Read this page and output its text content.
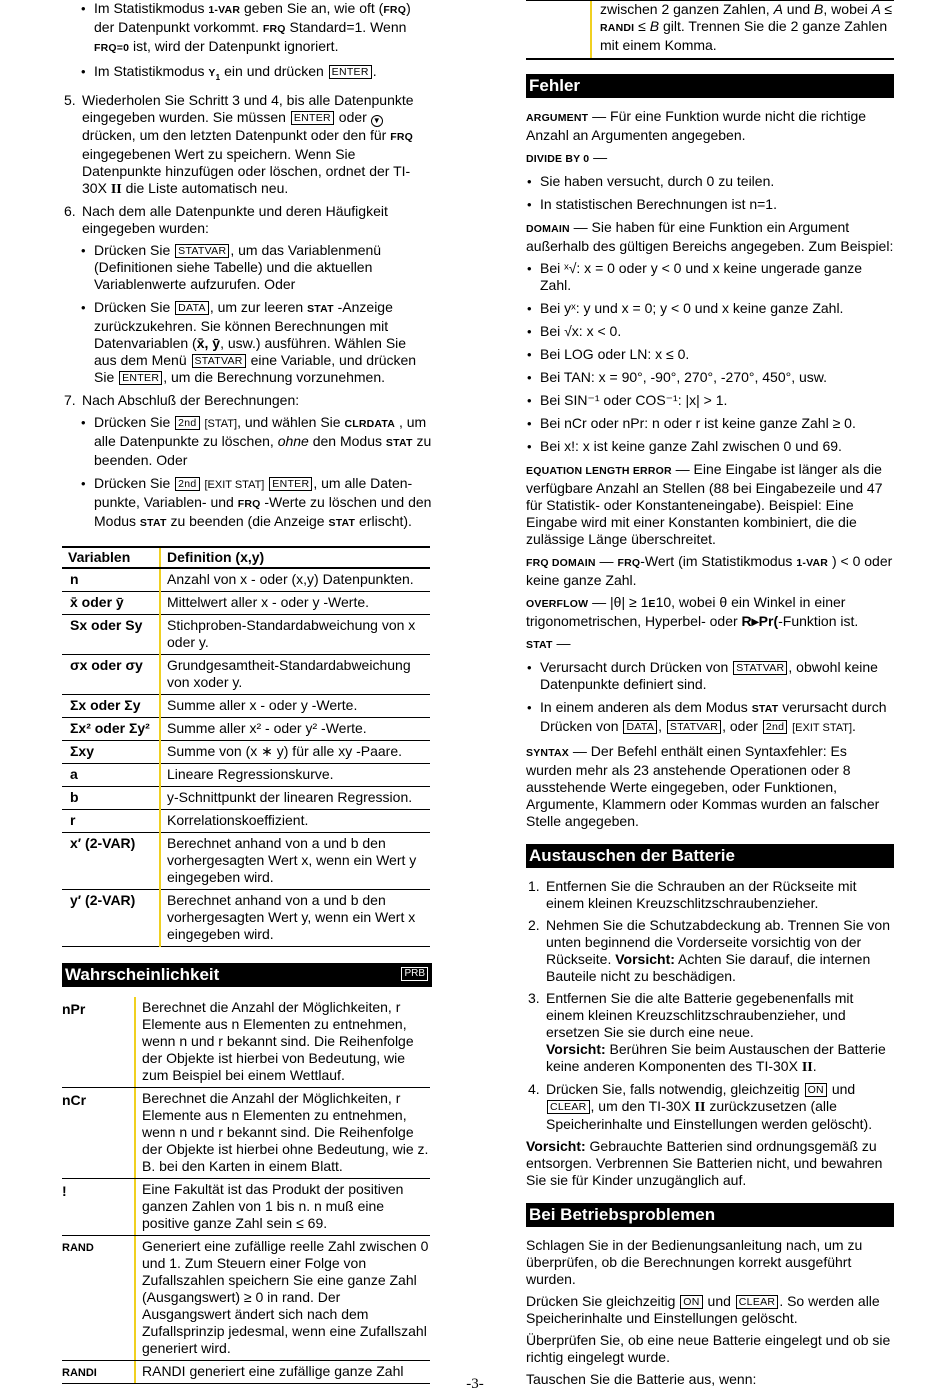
• Im Statistikmodus 1-VAR geben Sie an, wie oft (FRQ) der Datenpunkt vorkommt. FRQ Standard=1. Wenn FRQ=0 ist, wird der Datenpunkt ignoriert.
• Im Statistikmodus $Y_1$ ein und drücken ENTER .
5. Wiederholen Sie Schritt 3 und 4, bis alle Datenpunkte eingegeben wurden. Sie müssen ENTER oder ▼ drücken, um den letzten Datenpunkt oder den für FRQ eingegebenen Wert zu speichern. Wenn Sie Datenpunkte hinzufügen oder löschen, ordnet der TI-30X II die Liste automatisch neu.
6. Nach dem alle Datenpunkte und deren Häufigkeit eingegeben wurden:
• Drücken Sie STATVAR , um das Variablenmenü (Definitionen siehe Tabelle) und die aktuellen Variablenwerte aufzurufen. Oder
• Drücken Sie DATA , um zur leeren STAT -Anzeige zurückzukehren. Sie können Berechnungen mit Datenvariablen (x̄, ȳ, usw.) ausführen. Wählen Sie aus dem Menü STATVAR eine Variable, und drücken Sie ENTER , um die Berechnung vorzunehmen.
7. Nach Abschluß der Berechnungen:
• Drücken Sie 2nd [STAT], und wählen Sie CLRDATA , um alle Datenpunkte zu löschen, ohne den Modus STAT zu beenden. Oder
• Drücken Sie 2nd [EXIT STAT] ENTER , um alle Daten-punkte, Variablen- und FRQ -Werte zu löschen und den Modus STAT zu beenden (die Anzeige STAT erlischt).
Variablen	Definition (x,y)
n	Anzahl von x - oder (x,y) Datenpunkten.
x̄ oder ȳ	Mittelwert aller x - oder y -Werte.
Sx oder Sy	Stichproben-Standardabweichung von x oder y.
σx oder σy	Grundgesamtheit-Standardabweichung von xoder y.
Σx oder Σy	Summe aller x - oder y -Werte.
Σx² oder Σy²	Summe aller x² - oder y² -Werte.
Σxy	Summe von (x ∗ y) für alle xy -Paare.
a	Lineare Regressionskurve.
b	y-Schnittpunkt der linearen Regression.
r	Korrelationskoeffizient.
x′ (2-VAR)	Berechnet anhand von a und b den vorhergesagten Wert x, wenn ein Wert y eingegeben wird.
y′ (2-VAR)	Berechnet anhand von a und b den vorhergesagten Wert y, wenn ein Wert x eingegeben wird.
Wahrscheinlichkeit	PRB
nPr	Berechnet die Anzahl der Möglichkeiten, r Elemente aus n Elementen zu entnehmen, wenn n und r bekannt sind. Die Reihenfolge der Objekte ist hierbei von Bedeutung, wie zum Beispiel bei einem Wettlauf.
nCr	Berechnet die Anzahl der Möglichkeiten, r Elemente aus n Elementen zu entnehmen, wenn n und r bekannt sind. Die Reihenfolge der Objekte ist hierbei ohne Bedeutung, wie z. B. bei den Karten in einem Blatt.
!	Eine Fakultät ist das Produkt der positiven ganzen Zahlen von 1 bis n. n muß eine positive ganze Zahl sein ≤ 69.
RAND	Generiert eine zufällige reelle Zahl zwischen 0 und 1. Zum Steuern einer Folge von Zufallszahlen speichern Sie eine ganze Zahl (Ausgangswert) ≥ 0 in rand. Der Ausgangswert ändert sich nach dem Zufallsprinzip jedesmal, wenn eine Zufallszahl generiert wird.
RANDI	RANDI generiert eine zufällige ganze Zahl
zwischen 2 ganzen Zahlen, A und B, wobei A ≤ RANDI ≤ B gilt. Trennen Sie die 2 ganze Zahlen mit einem Komma.
Fehler

ARGUMENT — Für eine Funktion wurde nicht die richtige Anzahl an Argumenten angegeben.

DIVIDE BY 0 —

• Sie haben versucht, durch 0 zu teilen.
• In statistischen Berechnungen ist n=1.

DOMAIN — Sie haben für eine Funktion ein Argument außerhalb des gültigen Bereichs angegeben. Zum Beispiel:

• Bei ˣ√: x = 0 oder y < 0 und x keine ungerade ganze Zahl.
• Bei yˣ: y und x = 0; y < 0 und x keine ganze Zahl.
• Bei √x: x < 0.
• Bei LOG oder LN: x ≤ 0.
• Bei TAN: x = 90°, -90°, 270°, -270°, 450°, usw.
• Bei SIN⁻¹ oder COS⁻¹: |x| > 1.
• Bei nCr oder nPr: n oder r ist keine ganze Zahl ≥ 0.
• Bei x!: x ist keine ganze Zahl zwischen 0 und 69.

EQUATION LENGTH ERROR — Eine Eingabe ist länger als die verfügbare Anzahl an Stellen (88 bei Eingabezeile und 47 für Statistik- oder Konstanteneingabe). Beispiel: Eine Eingabe wird mit einer Konstanten kombiniert, die die zulässige Länge überschreitet.

FRQ DOMAIN — FRQ-Wert (im Statistikmodus 1-VAR ) < 0 oder keine ganze Zahl.

OVERFLOW — |θ| ≥ 1E10, wobei θ ein Winkel in einer trigonometrischen, Hyperbel- oder R▸Pr(-Funktion ist.

STAT —

• Verursacht durch Drücken von STATVAR , obwohl keine Datenpunkte definiert sind.
• In einem anderen als dem Modus STAT verursacht durch Drücken von DATA , STATVAR , oder 2nd [EXIT STAT].

SYNTAX — Der Befehl enthält einen Syntaxfehler: Es wurden mehr als 23 anstehende Operationen oder 8 ausstehende Werte eingegeben, oder Funktionen, Argumente, Klammern oder Kommas wurden an falscher Stelle angegeben.

Austauschen der Batterie
1. Entfernen Sie die Schrauben an der Rückseite mit einem kleinen Kreuzschlitzschraubenzieher.
2. Nehmen Sie die Schutzabdeckung ab. Trennen Sie von unten beginnend die Vorderseite vorsichtig von der Rückseite. Vorsicht: Achten Sie darauf, die internen Bauteile nicht zu beschädigen.
3. Entfernen Sie die alte Batterie gegebenenfalls mit einem kleinen Kreuzschlitzschraubenzieher, und ersetzen Sie sie durch eine neue.
Vorsicht: Berühren Sie beim Austauschen der Batterie keine anderen Komponenten des TI-30X II.
4. Drücken Sie, falls notwendig, gleichzeitig ON und CLEAR , um den TI-30X II zurückzusetzen (alle Speicherinhalte und Einstellungen werden gelöscht).

Vorsicht: Gebrauchte Batterien sind ordnungsgemäß zu entsorgen. Verbrennen Sie Batterien nicht, und bewahren Sie sie für Kinder unzugänglich auf.

Bei Betriebsproblemen

Schlagen Sie in der Bedienungsanleitung nach, um zu überprüfen, ob die Berechnungen korrekt ausgeführt wurden.

Drücken Sie gleichzeitig ON und CLEAR . So werden alle Speicherinhalte und Einstellungen gelöscht.

Überprüfen Sie, ob eine neue Batterie eingelegt und ob sie richtig eingelegt wurde.

Tauschen Sie die Batterie aus, wenn:

-3-
